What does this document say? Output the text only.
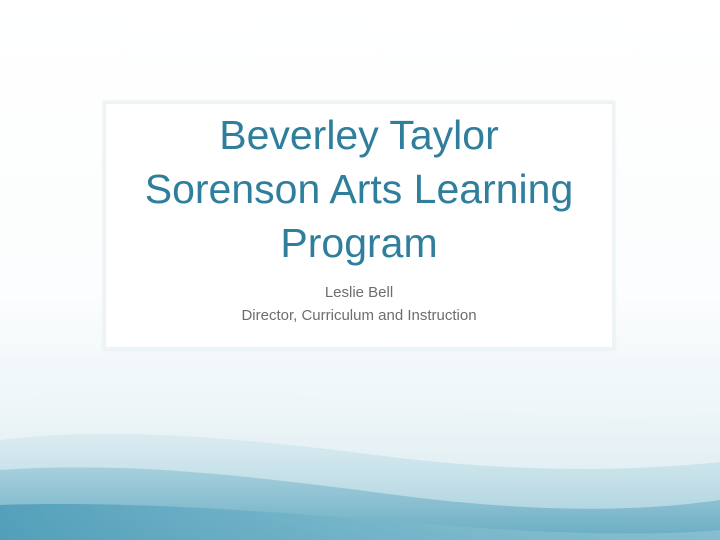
Beverley Taylor
Sorenson Arts Learning
Program
Leslie Bell
Director, Curriculum and Instruction
